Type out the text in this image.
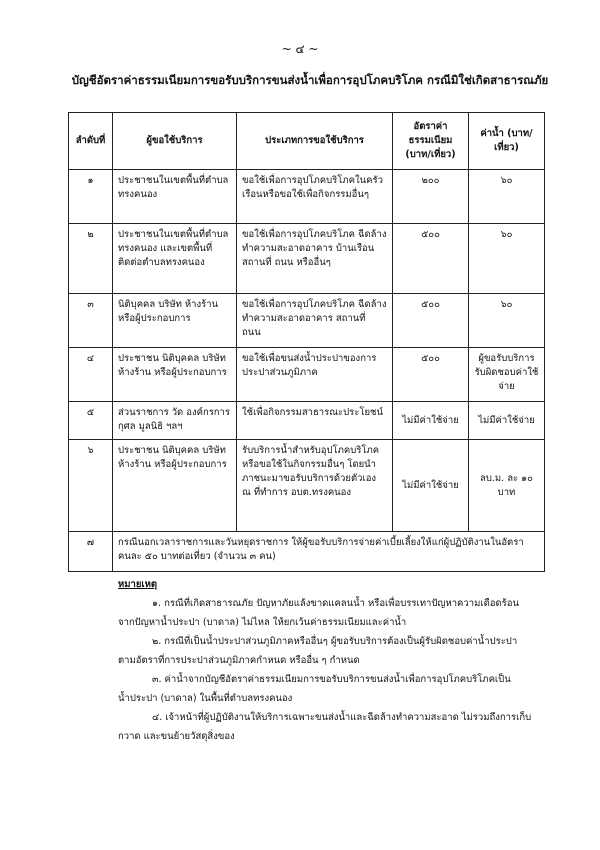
~ ๔ ~
บัญชีอัตราค่าธรรมเนียมการขอรับบริการขนส่งน้ำเพื่อการอุปโภคบริโภค กรณีมิใช่เกิดสาธารณภัย
ลำดับที่	ผู้ขอใช้บริการ	ประเภทการขอใช้บริการ	อัตราค่าธรรมเนียม (บาท/เที่ยว)	ค่าน้ำ (บาท/เที่ยว)
๑	ประชาชนในเขตพื้นที่ตำบลทรงคนอง	ขอใช้เพื่อการอุปโภคบริโภคในครัวเรือนหรือขอใช้เพื่อกิจกรรมอื่นๆ	๒๐๐	๖๐
๒	ประชาชนในเขตพื้นที่ตำบลทรงคนอง และเขตพื้นที่ติดต่อตำบลทรงคนอง	ขอใช้เพื่อการอุปโภคบริโภค ฉีดล้างทำความสะอาดอาคาร บ้านเรือน สถานที่ ถนน หรืออื่นๆ	๕๐๐	๖๐
๓	นิติบุคคล บริษัท ห้างร้าน หรือผู้ประกอบการ	ขอใช้เพื่อการอุปโภคบริโภค ฉีดล้างทำความสะอาดอาคาร สถานที่ ถนน	๕๐๐	๖๐
๔	ประชาชน นิติบุคคล บริษัท ห้างร้าน หรือผู้ประกอบการ	ขอใช้เพื่อขนส่งน้ำประปาของการประปาส่วนภูมิภาค	๕๐๐	ผู้ขอรับบริการรับผิดชอบค่าใช้จ่าย
๕	ส่วนราชการ วัด องค์กรการกุศล มูลนิธิ ฯลฯ	ใช้เพื่อกิจกรรมสาธารณะประโยชน์	ไม่มีค่าใช้จ่าย	ไม่มีค่าใช้จ่าย
๖	ประชาชน นิติบุคคล บริษัท ห้างร้าน หรือผู้ประกอบการ	รับบริการน้ำสำหรับอุปโภคบริโภค หรือขอใช้ในกิจกรรมอื่นๆ โดยนำภาชนะมาขอรับบริการด้วยตัวเอง ณ ที่ทำการ อบต.ทรงคนอง	ไม่มีค่าใช้จ่าย	ลบ.ม. ละ ๑๐ บาท
๗	กรณีนอกเวลาราชการและวันหยุดราชการ ให้ผู้ขอรับบริการจ่ายค่าเบี้ยเลี้ยงให้แก่ผู้ปฏิบัติงานในอัตราคนละ ๕๐ บาทต่อเที่ยว (จำนวน ๓ คน)			
หมายเหตุ

๑. กรณีที่เกิดสาธารณภัย ปัญหาภัยแล้งขาดแคลนน้ำ หรือเพื่อบรรเทาปัญหาความเดือดร้อน

จากปัญหาน้ำประปา (บาดาล) ไม่ไหล ให้ยกเว้นค่าธรรมเนียมและค่าน้ำ

๒. กรณีที่เป็นน้ำประปาส่วนภูมิภาคหรืออื่นๆ ผู้ขอรับบริการต้องเป็นผู้รับผิดชอบค่าน้ำประปา

ตามอัตราที่การประปาส่วนภูมิภาคกำหนด หรืออื่น ๆ กำหนด

๓. ค่าน้ำจากบัญชีอัตราค่าธรรมเนียมการขอรับบริการขนส่งน้ำเพื่อการอุปโภคบริโภคเป็น

น้ำประปา (บาดาล) ในพื้นที่ตำบลทรงคนอง

๔. เจ้าหน้าที่ผู้ปฏิบัติงานให้บริการเฉพาะขนส่งน้ำและฉีดล้างทำความสะอาด ไม่รวมถึงการเก็บ

กวาด และขนย้ายวัสดุสิ่งของ
